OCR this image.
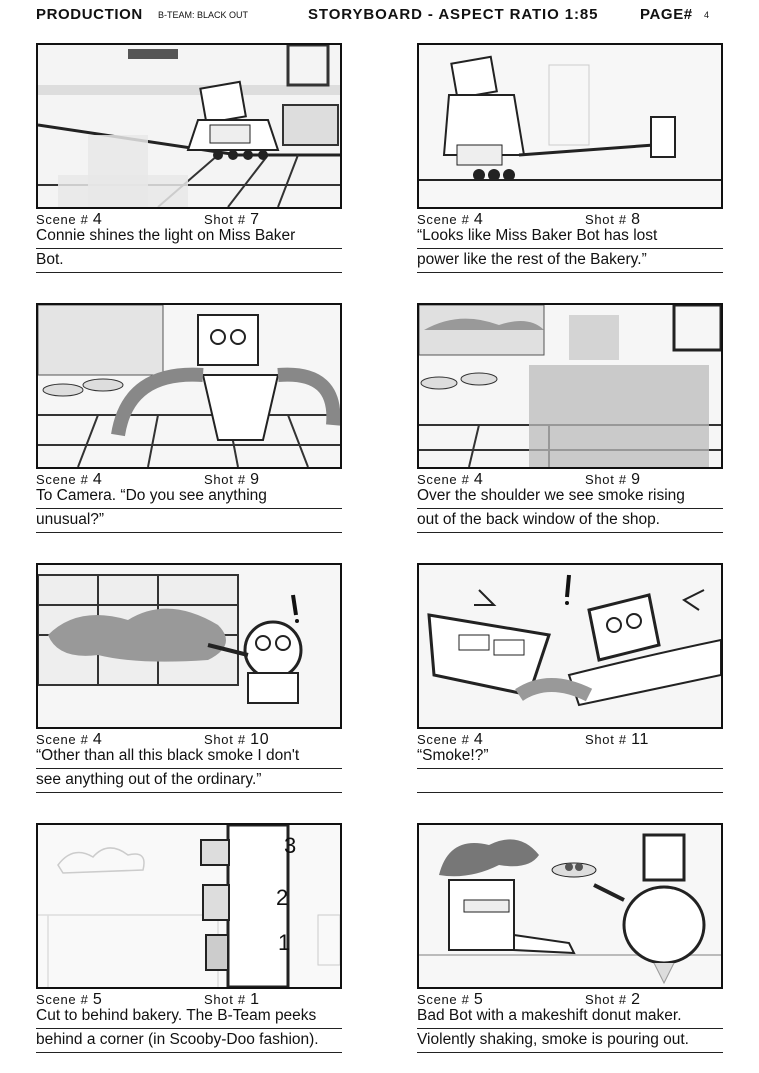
PRODUCTION B-TEAM: BLACK OUT	STORYBOARD - ASPECT RATIO 1:85	PAGE# 4
Scene # 4	Shot # 7
Connie shines the light on Miss Baker
Bot.
Scene # 4	Shot # 8
“Looks like Miss Baker Bot has lost
power like the rest of the Bakery.”
Scene # 4	Shot # 9
To Camera. “Do you see anything
unusual?”
Scene # 4	Shot # 9
Over the shoulder we see smoke rising
out of the back window of the shop.
Scene # 4	Shot # 10
“Other than all this black smoke I don't
see anything out of the ordinary.”
Scene # 4	Shot # 11
“Smoke!?”
3
2
1
Scene # 5	Shot # 1
Cut to behind bakery. The B-Team peeks
behind a corner (in Scooby-Doo fashion).
Scene # 5	Shot # 2
Bad Bot with a makeshift donut maker.
Violently shaking, smoke is pouring out.
